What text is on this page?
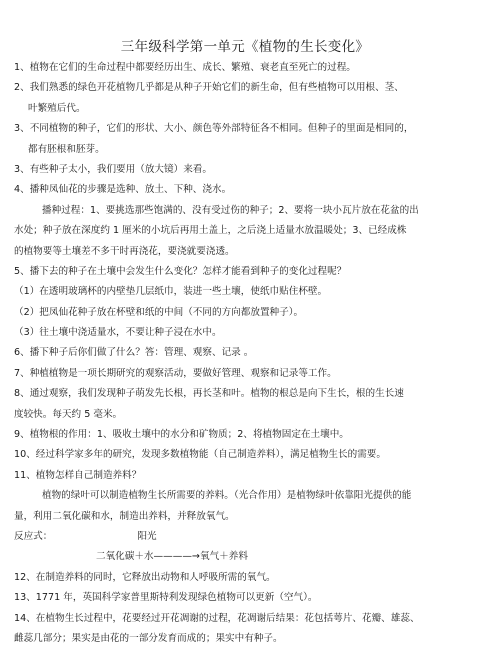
三年级科学第一单元《植物的生长变化》
1、植物在它们的生命过程中都要经历出生、成长、繁殖、衰老直至死亡的过程。
2、我们熟悉的绿色开花植物几乎都是从种子开始它们的新生命，但有些植物可以用根、茎、
叶繁殖后代。
3、不同植物的种子，它们的形状、大小、颜色等外部特征各不相同。但种子的里面是相同的，
都有胚根和胚芽。
3、有些种子太小，我们要用（放大镜）来看。
4、播种凤仙花的步骤是选种、放土、下种、浇水。
播种过程：1、要挑选那些饱满的、没有受过伤的种子；2、要将一块小瓦片放在花盆的出
水处；种子放在深度约 1 厘米的小坑后再用土盖上，之后浇上适量水放温暖处；3、已经成株
的植物要等土壤差不多干时再浇花，要浇就要浇透。
5、播下去的种子在土壤中会发生什么变化？怎样才能看到种子的变化过程呢？
（1）在透明玻璃杯的内壁垫几层纸巾，装进一些土壤，使纸巾贴住杯壁。
（2）把凤仙花种子放在杯壁和纸的中间（不同的方向都放置种子）。
（3）往土壤中浇适量水，不要让种子浸在水中。
6、播下种子后你们做了什么？答：管理、观察、记录 。
7、种植植物是一项长期研究的观察活动，要做好管理、观察和记录等工作。
8、通过观察，我们发现种子萌发先长根，再长茎和叶。植物的根总是向下生长，根的生长速
度较快。每天约 5 毫米。
9、植物根的作用：1、吸收土壤中的水分和矿物质；2、将植物固定在土壤中。
10、经过科学家多年的研究，发现多数植物能（自己制造养料），满足植物生长的需要。
11、植物怎样自己制造养料？
植物的绿叶可以制造植物生长所需要的养料。（光合作用）是植物绿叶依靠阳光提供的能
量，利用二氧化碳和水，制造出养料，并释放氧气。
反应式：	阳光
二氧化碳＋水————→氧气＋养料
12、在制造养料的同时，它释放出动物和人呼吸所需的氧气。
13、1771 年，英国科学家普里斯特利发现绿色植物可以更新（空气）。
14、在植物生长过程中，花要经过开花凋谢的过程，花凋谢后结果：花包括萼片、花瓣、雄蕊、
雌蕊几部分；果实是由花的一部分发育而成的；果实中有种子。
